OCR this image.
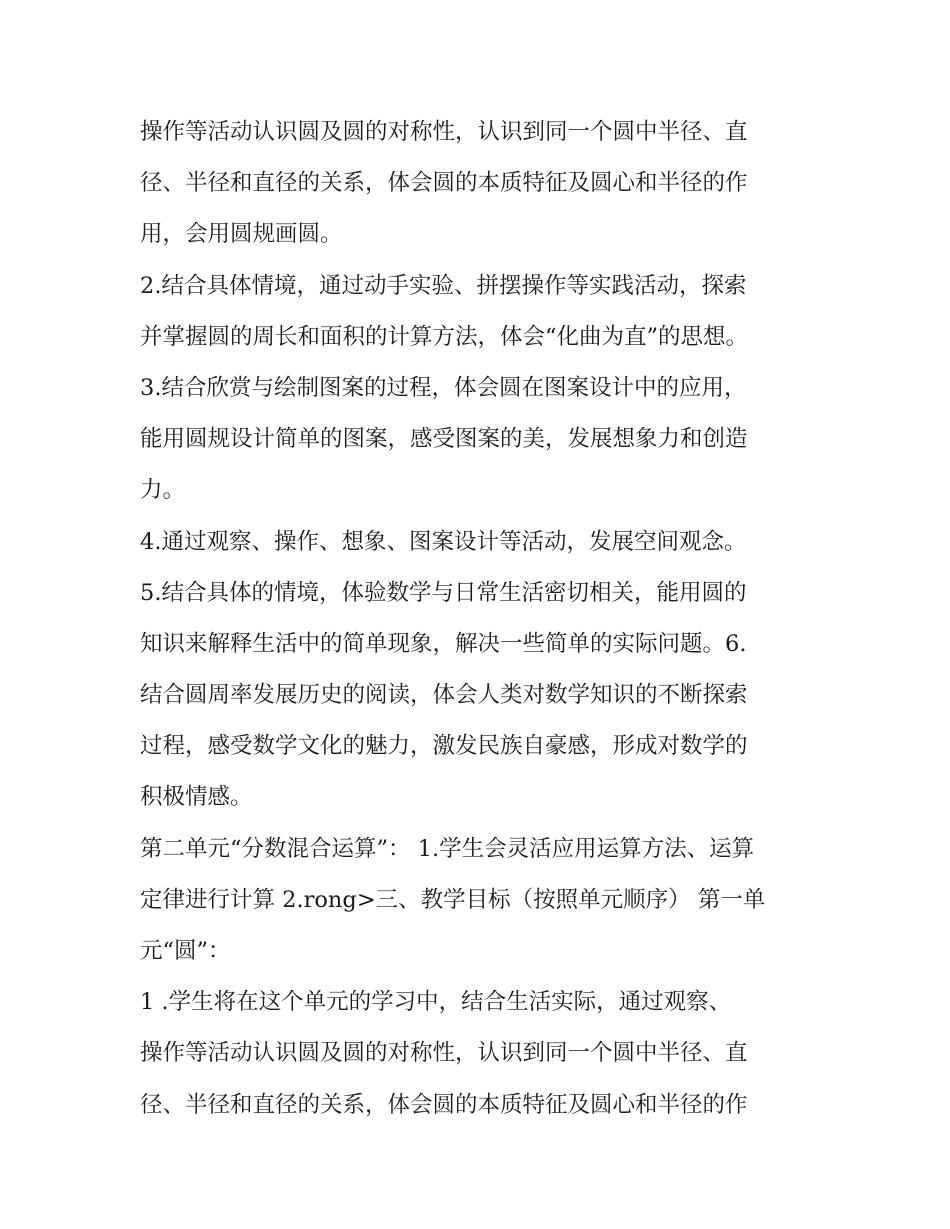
操作等活动认识圆及圆的对称性，认识到同一个圆中半径、直
径、半径和直径的关系，体会圆的本质特征及圆心和半径的作
用，会用圆规画圆。
2.结合具体情境，通过动手实验、拼摆操作等实践活动，探索
并掌握圆的周长和面积的计算方法，体会“化曲为直”的思想。
3.结合欣赏与绘制图案的过程，体会圆在图案设计中的应用，
能用圆规设计简单的图案，感受图案的美，发展想象力和创造
力。
4.通过观察、操作、想象、图案设计等活动，发展空间观念。
5.结合具体的情境，体验数学与日常生活密切相关，能用圆的
知识来解释生活中的简单现象，解决一些简单的实际问题。6.
结合圆周率发展历史的阅读，体会人类对数学知识的不断探索
过程，感受数学文化的魅力，激发民族自豪感，形成对数学的
积极情感。
第二单元“分数混合运算”： 1.学生会灵活应用运算方法、运算
定律进行计算 2.rong>三、教学目标（按照单元顺序） 第一单
元“圆”：
1 .学生将在这个单元的学习中，结合生活实际，通过观察、
操作等活动认识圆及圆的对称性，认识到同一个圆中半径、直
径、半径和直径的关系，体会圆的本质特征及圆心和半径的作
